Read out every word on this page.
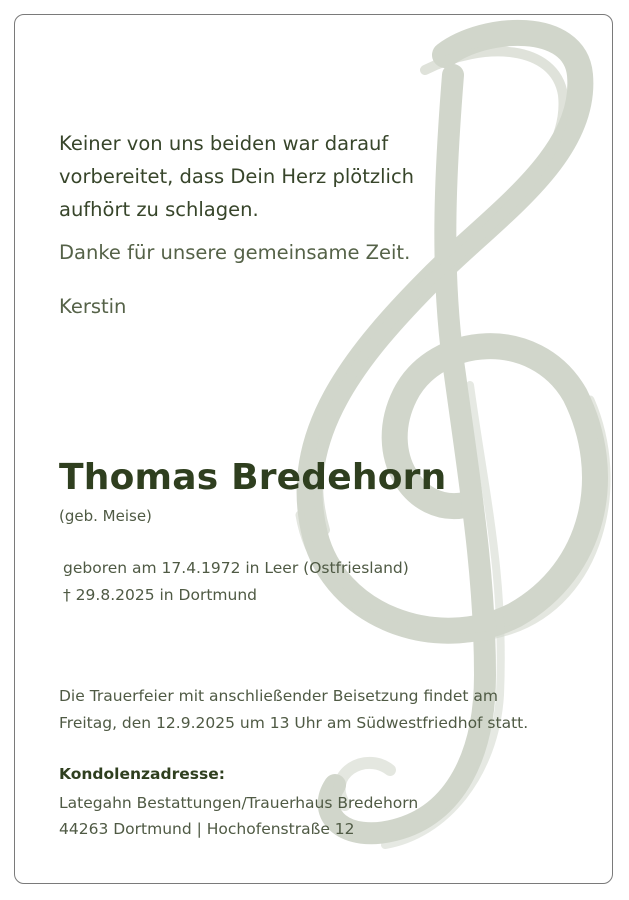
Keiner von uns beiden war darauf
vorbereitet, dass Dein Herz plötzlich
aufhört zu schlagen.
Danke für unsere gemeinsame Zeit.
Kerstin
Thomas Bredehorn
(geb. Meise)
geboren am 17.4.1972 in Leer (Ostfriesland)
† 29.8.2025 in Dortmund
Die Trauerfeier mit anschließender Beisetzung findet am
Freitag, den 12.9.2025 um 13 Uhr am Südwestfriedhof statt.
Kondolenzadresse:
Lategahn Bestattungen/Trauerhaus Bredehorn
44263 Dortmund | Hochofenstraße 12
